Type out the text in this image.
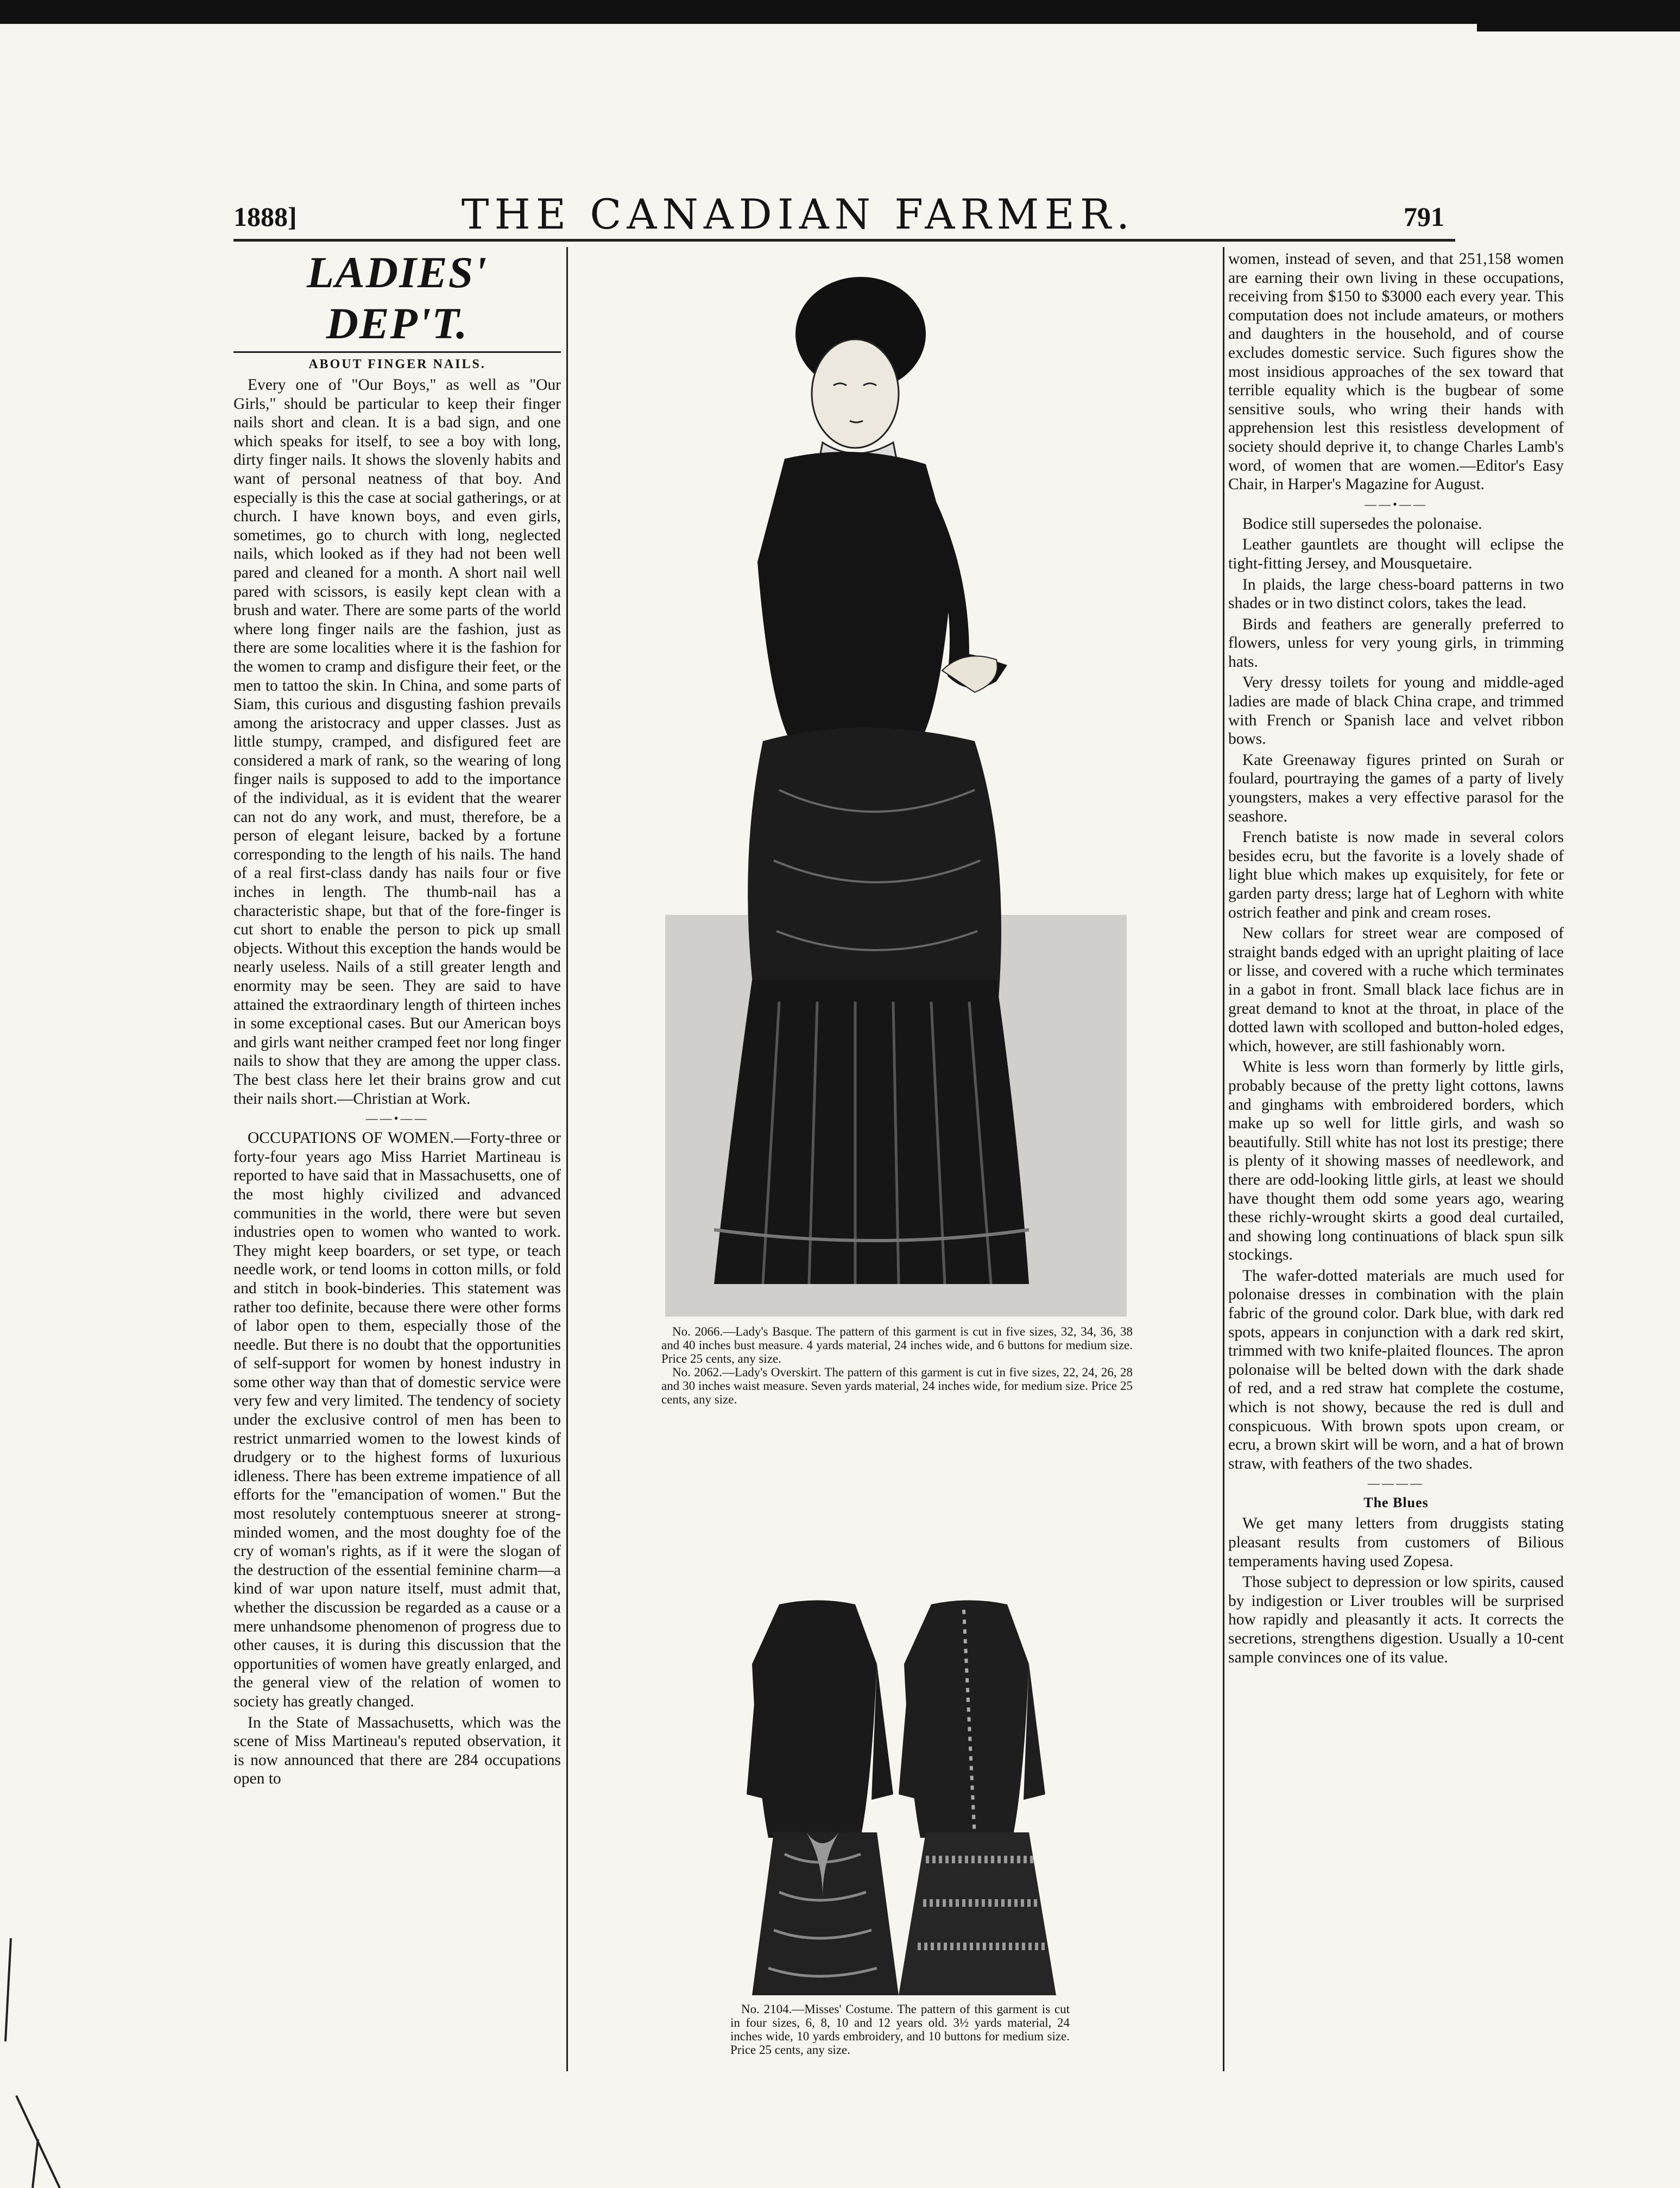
1888]	THE CANADIAN FARMER.	791
LADIES' DEP'T.
ABOUT FINGER NAILS.

Every one of "Our Boys," as well as "Our Girls," should be particular to keep their finger nails short and clean. It is a bad sign, and one which speaks for itself, to see a boy with long, dirty finger nails. It shows the slovenly habits and want of personal neatness of that boy. And especially is this the case at social gatherings, or at church. I have known boys, and even girls, sometimes, go to church with long, neglected nails, which looked as if they had not been well pared and cleaned for a month. A short nail well pared with scissors, is easily kept clean with a brush and water. There are some parts of the world where long finger nails are the fashion, just as there are some localities where it is the fashion for the women to cramp and disfigure their feet, or the men to tattoo the skin. In China, and some parts of Siam, this curious and disgusting fashion prevails among the aristocracy and upper classes. Just as little stumpy, cramped, and disfigured feet are considered a mark of rank, so the wearing of long finger nails is supposed to add to the importance of the individual, as it is evident that the wearer can not do any work, and must, therefore, be a person of elegant leisure, backed by a fortune corresponding to the length of his nails. The hand of a real first-class dandy has nails four or five inches in length. The thumb-nail has a characteristic shape, but that of the fore-finger is cut short to enable the person to pick up small objects. Without this exception the hands would be nearly useless. Nails of a still greater length and enormity may be seen. They are said to have attained the extraordinary length of thirteen inches in some exceptional cases. But our American boys and girls want neither cramped feet nor long finger nails to show that they are among the upper class. The best class here let their brains grow and cut their nails short.—Christian at Work.

——•——

OCCUPATIONS OF WOMEN.—Forty-three or forty-four years ago Miss Harriet Martineau is reported to have said that in Massachusetts, one of the most highly civilized and advanced communities in the world, there were but seven industries open to women who wanted to work. They might keep boarders, or set type, or teach needle work, or tend looms in cotton mills, or fold and stitch in book-binderies. This statement was rather too definite, because there were other forms of labor open to them, especially those of the needle. But there is no doubt that the opportunities of self-support for women by honest industry in some other way than that of domestic service were very few and very limited. The tendency of society under the exclusive control of men has been to restrict unmarried women to the lowest kinds of drudgery or to the highest forms of luxurious idleness. There has been extreme impatience of all efforts for the "emancipation of women." But the most resolutely contemptuous sneerer at strong-minded women, and the most doughty foe of the cry of woman's rights, as if it were the slogan of the destruction of the essential feminine charm—a kind of war upon nature itself, must admit that, whether the discussion be regarded as a cause or a mere unhandsome phenomenon of progress due to other causes, it is during this discussion that the opportunities of women have greatly enlarged, and the general view of the relation of women to society has greatly changed.

In the State of Massachusetts, which was the scene of Miss Martineau's reputed observation, it is now announced that there are 284 occupations open to

No. 2066.—Lady's Basque. The pattern of this garment is cut in five sizes, 32, 34, 36, 38 and 40 inches bust measure. 4 yards material, 24 inches wide, and 6 buttons for medium size. Price 25 cents, any size.

No. 2062.—Lady's Overskirt. The pattern of this garment is cut in five sizes, 22, 24, 26, 28 and 30 inches waist measure. Seven yards material, 24 inches wide, for medium size. Price 25 cents, any size.

No. 2104.—Misses' Costume. The pattern of this garment is cut in four sizes, 6, 8, 10 and 12 years old. 3½ yards material, 24 inches wide, 10 yards embroidery, and 10 buttons for medium size. Price 25 cents, any size.

women, instead of seven, and that 251,158 women are earning their own living in these occupations, receiving from $150 to $3000 each every year. This computation does not include amateurs, or mothers and daughters in the household, and of course excludes domestic service. Such figures show the most insidious approaches of the sex toward that terrible equality which is the bugbear of some sensitive souls, who wring their hands with apprehension lest this resistless development of society should deprive it, to change Charles Lamb's word, of women that are women.—Editor's Easy Chair, in Harper's Magazine for August.

——•——

Bodice still supersedes the polonaise.

Leather gauntlets are thought will eclipse the tight-fitting Jersey, and Mousquetaire.

In plaids, the large chess-board patterns in two shades or in two distinct colors, takes the lead.

Birds and feathers are generally preferred to flowers, unless for very young girls, in trimming hats.

Very dressy toilets for young and middle-aged ladies are made of black China crape, and trimmed with French or Spanish lace and velvet ribbon bows.

Kate Greenaway figures printed on Surah or foulard, pourtraying the games of a party of lively youngsters, makes a very effective parasol for the seashore.

French batiste is now made in several colors besides ecru, but the favorite is a lovely shade of light blue which makes up exquisitely, for fete or garden party dress; large hat of Leghorn with white ostrich feather and pink and cream roses.

New collars for street wear are composed of straight bands edged with an upright plaiting of lace or lisse, and covered with a ruche which terminates in a gabot in front. Small black lace fichus are in great demand to knot at the throat, in place of the dotted lawn with scolloped and button-holed edges, which, however, are still fashionably worn.

White is less worn than formerly by little girls, probably because of the pretty light cottons, lawns and ginghams with embroidered borders, which make up so well for little girls, and wash so beautifully. Still white has not lost its prestige; there is plenty of it showing masses of needlework, and there are odd-looking little girls, at least we should have thought them odd some years ago, wearing these richly-wrought skirts a good deal curtailed, and showing long continuations of black spun silk stockings.

The wafer-dotted materials are much used for polonaise dresses in combination with the plain fabric of the ground color. Dark blue, with dark red spots, appears in conjunction with a dark red skirt, trimmed with two knife-plaited flounces. The apron polonaise will be belted down with the dark shade of red, and a red straw hat complete the costume, which is not showy, because the red is dull and conspicuous. With brown spots upon cream, or ecru, a brown skirt will be worn, and a hat of brown straw, with feathers of the two shades.

————
The Blues

We get many letters from druggists stating pleasant results from customers of Bilious temperaments having used Zopesa.

Those subject to depression or low spirits, caused by indigestion or Liver troubles will be surprised how rapidly and pleasantly it acts. It corrects the secretions, strengthens digestion. Usually a 10-cent sample convinces one of its value.
